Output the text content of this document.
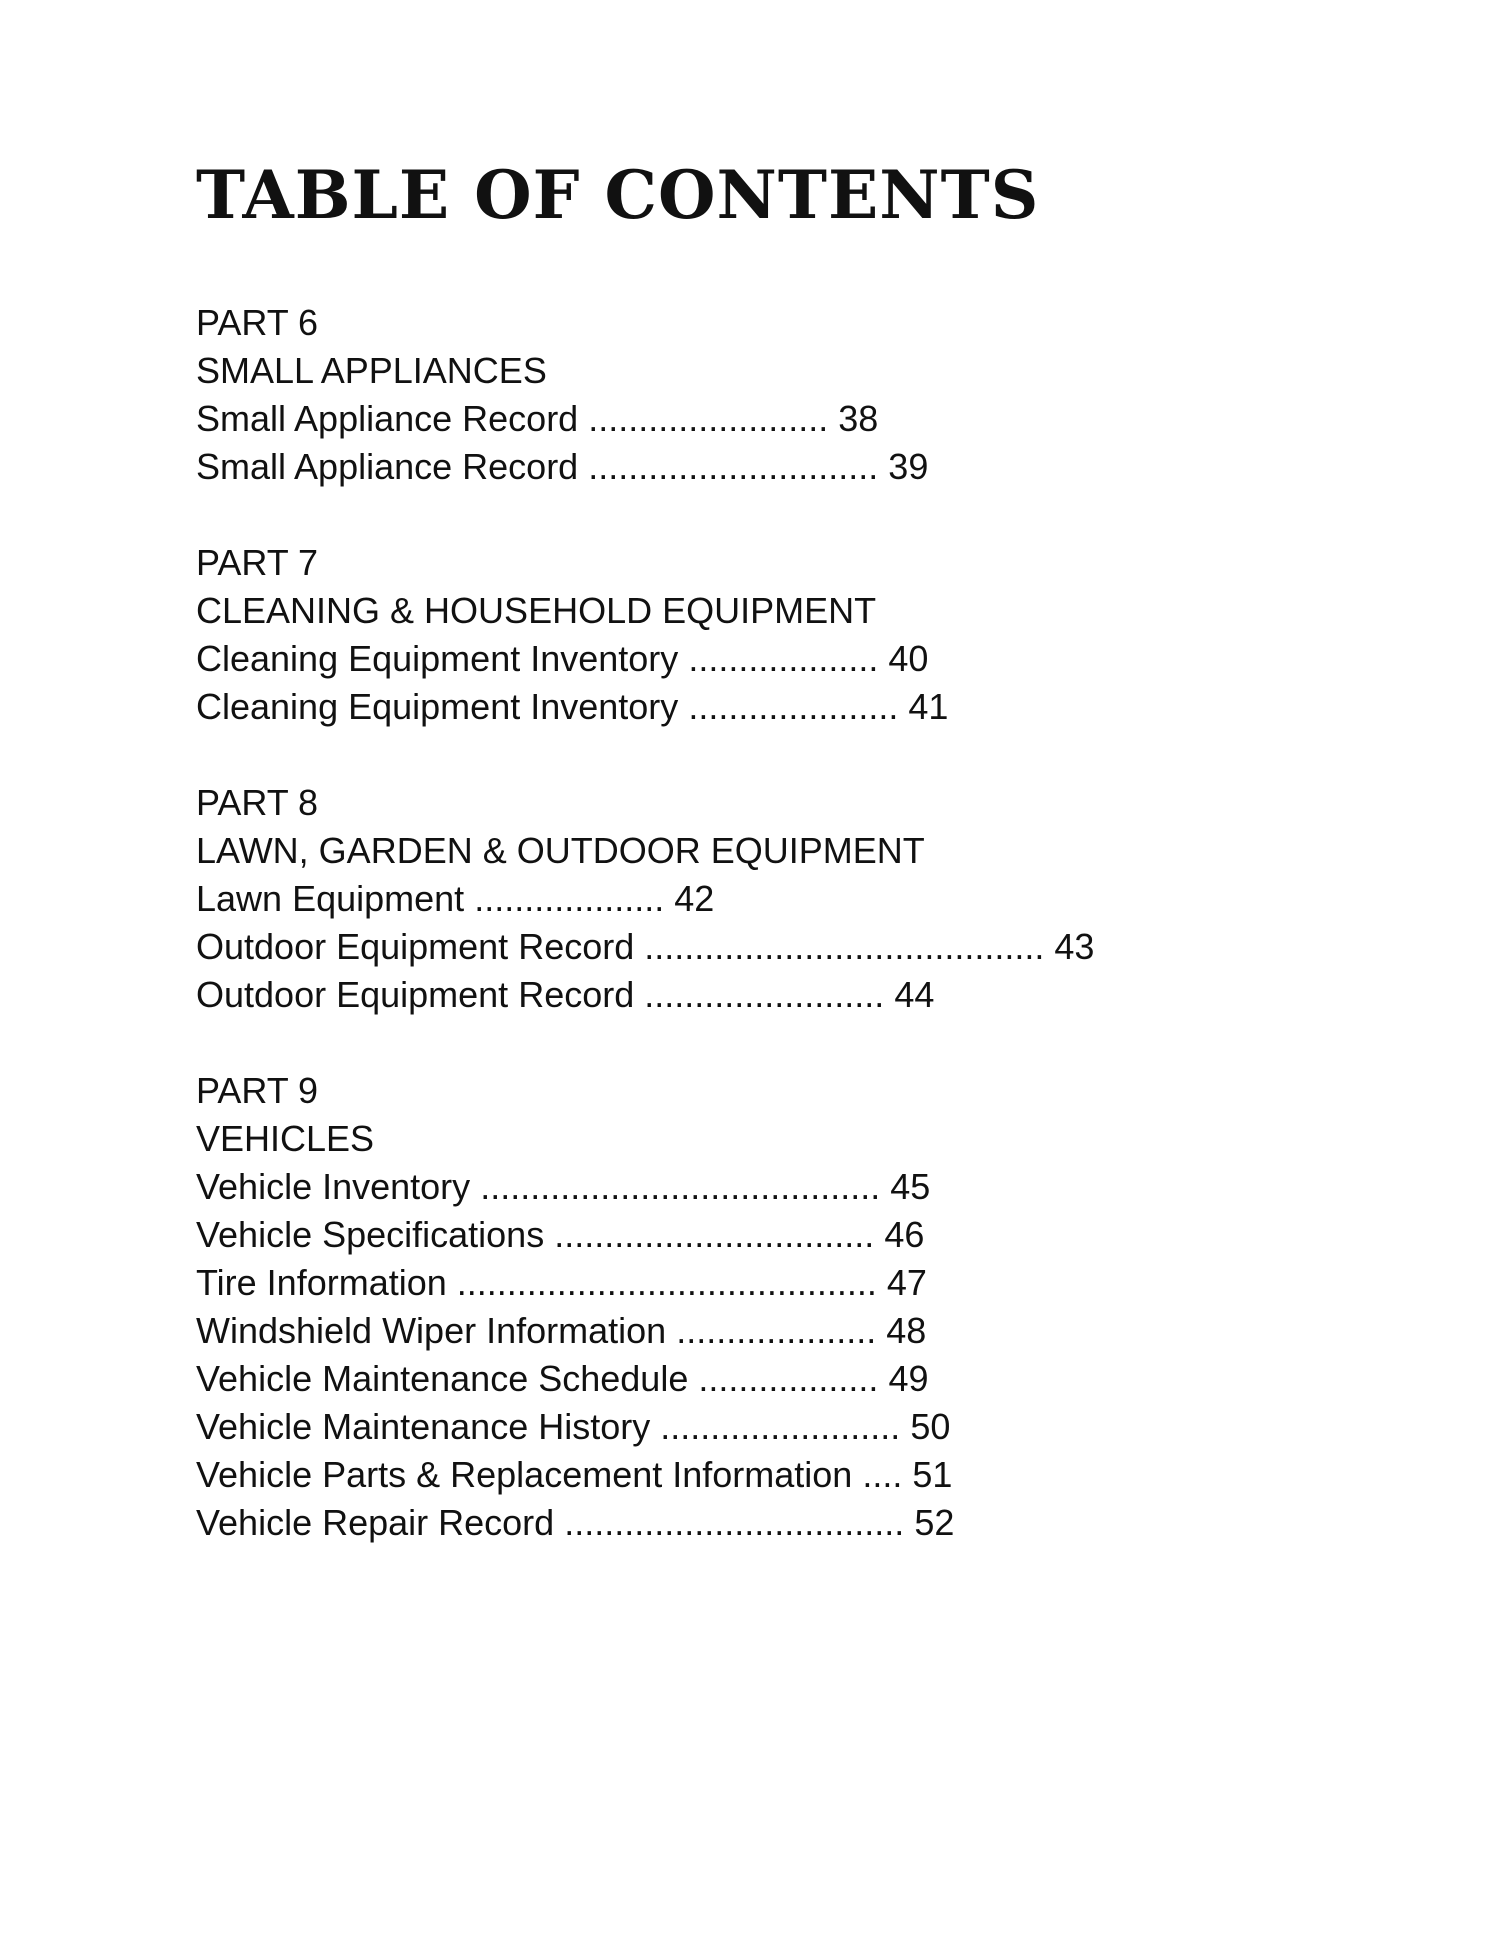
TABLE OF CONTENTS
PART 6
SMALL APPLIANCES
Small Appliance Record ........................ 38
Small Appliance Record ............................. 39
PART 7
CLEANING & HOUSEHOLD EQUIPMENT
Cleaning Equipment Inventory ................... 40
Cleaning Equipment Inventory ..................... 41
PART 8
LAWN, GARDEN & OUTDOOR EQUIPMENT
Lawn Equipment ................... 42
Outdoor Equipment Record ........................................ 43
Outdoor Equipment Record ........................ 44
PART 9
VEHICLES
Vehicle Inventory ........................................ 45
Vehicle Specifications ................................ 46
Tire Information .......................................... 47
Windshield Wiper Information .................... 48
Vehicle Maintenance Schedule .................. 49
Vehicle Maintenance History ........................ 50
Vehicle Parts & Replacement Information .... 51
Vehicle Repair Record .................................. 52
